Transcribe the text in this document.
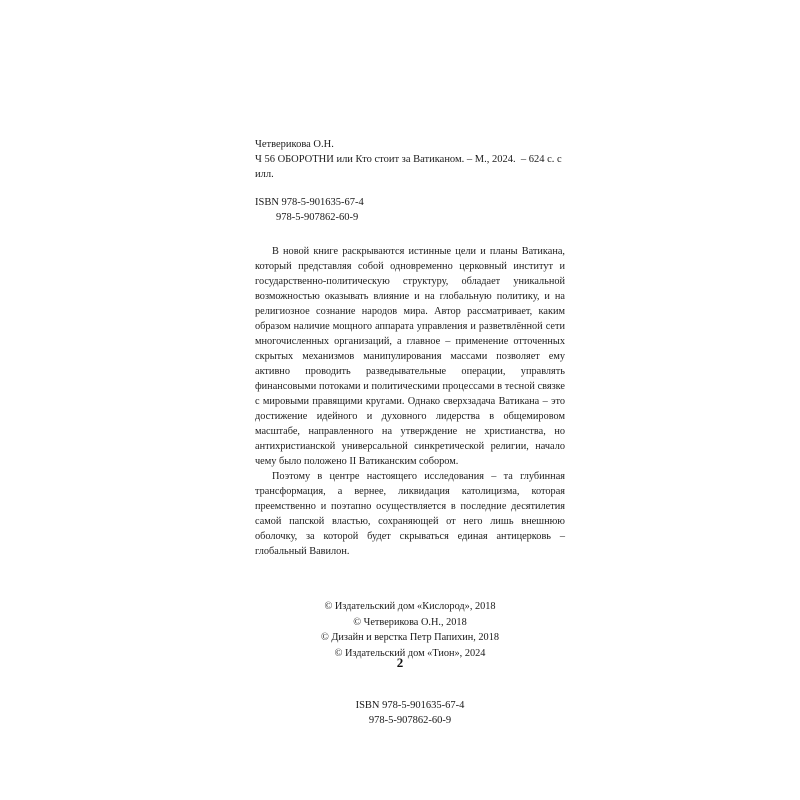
Четверикова О.Н.
Ч 56 ОБОРОТНИ или Кто стоит за Ватиканом. – М., 2024.  – 624 с. с илл.
ISBN 978-5-901635-67-4
978-5-907862-60-9

В новой книге раскрываются истинные цели и планы Ватикана, который представляя собой одновременно церковный институт и государственно-политическую структуру, обладает уникальной возможностью оказывать влияние и на глобальную политику, и на религиозное сознание народов мира. Автор рассматривает, каким образом наличие мощного аппарата управления и разветвлённой сети многочисленных организаций, а главное – применение отточенных скрытых механизмов манипулирования массами позволяет ему активно проводить разведывательные операции, управлять финансовыми потоками и политическими процессами в тесной связке с мировыми правящими кругами. Однако сверхзадача Ватикана – это достижение идейного и духовного лидерства в общемировом масштабе, направленного на утверждение не христианства, но антихристианской универсальной синкретической религии, начало чему было положено II Ватиканским собором.

Поэтому в центре настоящего исследования – та глубинная трансформация, а вернее, ликвидация католицизма, которая преемственно и поэтапно осуществляется в последние десятилетия самой папской властью, сохраняющей от него лишь внешнюю оболочку, за которой будет скрываться единая антицерковь – глобальный Вавилон.

© Издательский дом «Кислород», 2018
© Четверикова О.Н., 2018
© Дизайн и верстка Петр Папихин, 2018
© Издательский дом «Тион», 2024
ISBN 978-5-901635-67-4
978-5-907862-60-9
2
